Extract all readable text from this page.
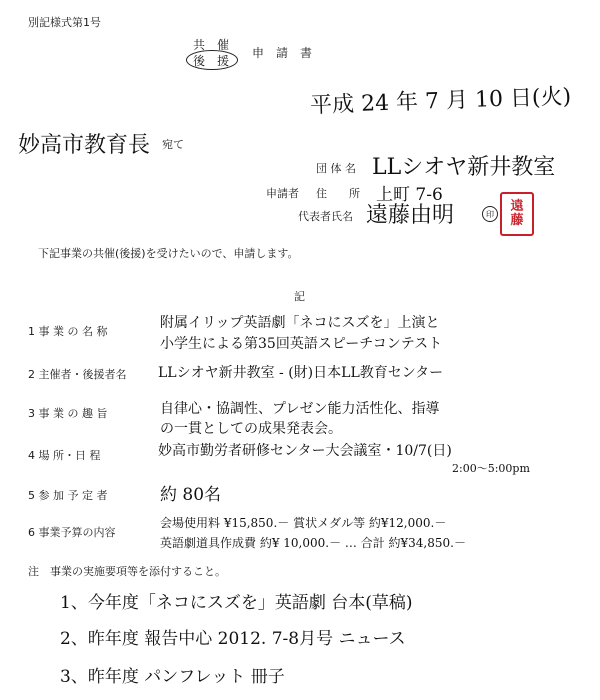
別記様式第1号
共　催
後　援
申　請　書
平成 24 年 7 月 10 日(火)
妙高市教育長 宛て
団 体 名 LLシオヤ新井教室
申請者 住　　所 上町 7-6
代表者氏名 遠藤由明	印	遠
藤
下記事業の共催(後援)を受けたいので、申請します。
記
1 事 業 の 名 称
附属イリップ英語劇「ネコにスズを」上演と
小学生による第35回英語スピーチコンテスト
2 主催者・後援者名 LLシオヤ新井教室 - (財)日本LL教育センター
3 事 業 の 趣 旨	自律心・協調性、プレゼン能力活性化、指導
の一貫としての成果発表会。
4 場 所・日 程	妙高市勤労者研修センター大会議室・10/7(日)
2:00〜5:00pm
5 参 加 予 定 者	約 80名
6 事業予算の内容
会場使用料 ¥15,850.－ 賞状メダル等 約¥12,000.－
英語劇道具作成費 約¥ 10,000.－ … 合計 約¥34,850.－
注　事業の実施要項等を添付すること。
1、今年度「ネコにスズを」英語劇 台本(草稿)
2、昨年度 報告中心 2012. 7-8月号 ニュース
3、昨年度 パンフレット 冊子
